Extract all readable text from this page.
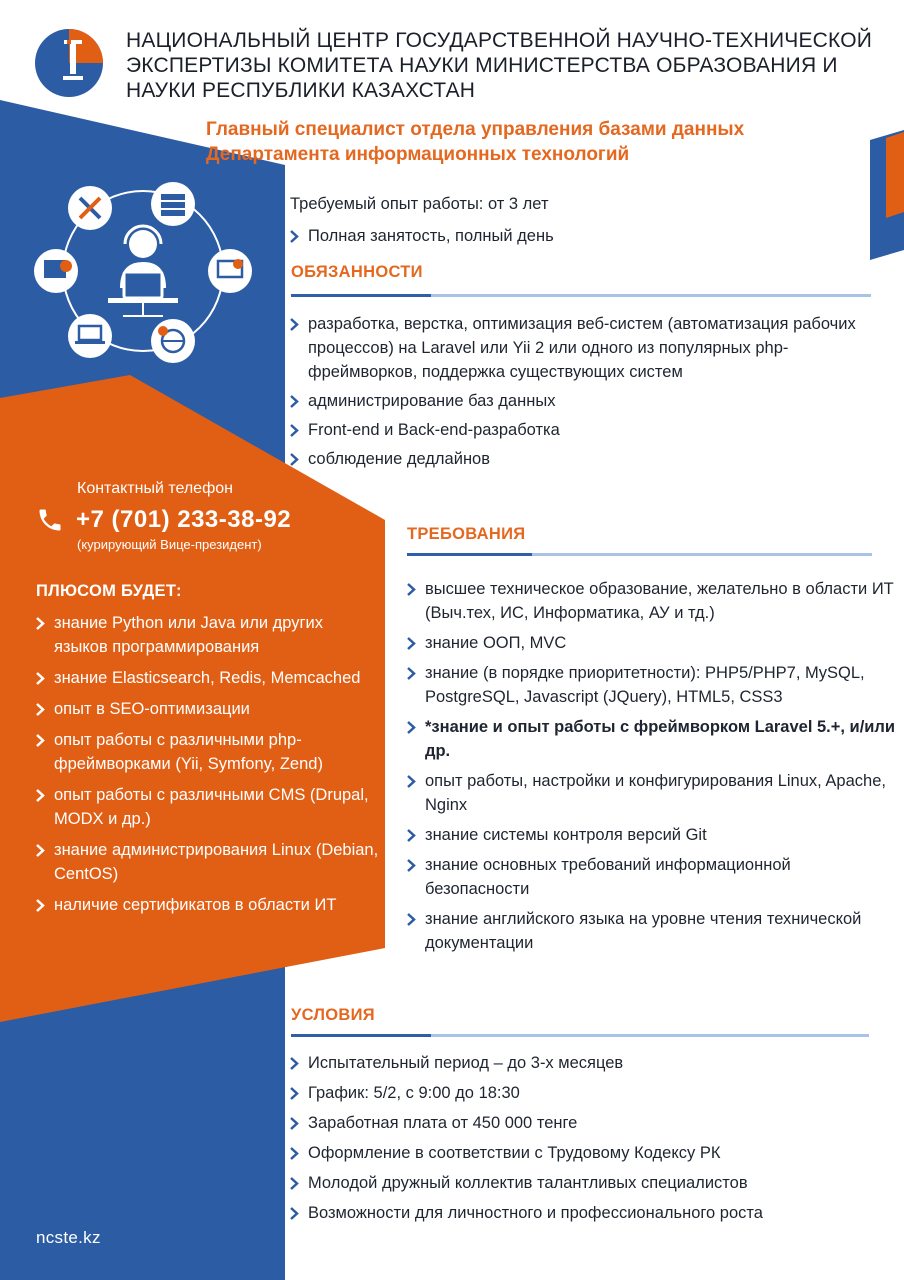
НАЦИОНАЛЬНЫЙ ЦЕНТР ГОСУДАРСТВЕННОЙ НАУЧНО-ТЕХНИЧЕСКОЙ ЭКСПЕРТИЗЫ КОМИТЕТА НАУКИ МИНИСТЕРСТВА ОБРАЗОВАНИЯ И НАУКИ РЕСПУБЛИКИ КАЗАХСТАН
Главный специалист отдела управления базами данных
Департамента информационных технологий
Требуемый опыт работы: от 3 лет
Полная занятость, полный день
ОБЯЗАННОСТИ
разработка, верстка, оптимизация веб-систем (автоматизация рабочих процессов) на Laravel или Yii 2 или одного из популярных php-фреймворков, поддержка существующих систем
администрирование баз данных
Front-end и Back-end-разработка
соблюдение дедлайнов
Контактный телефон
+7 (701) 233-38-92
(курирующий Вице-президент)
ПЛЮСОМ БУДЕТ:
знание Python или Java или других языков программирования
знание Elasticsearch, Redis, Memcached
опыт в SEO-оптимизации
опыт работы с различными php-фреймворками (Yii, Symfony, Zend)
опыт работы с различными CMS (Drupal, MODX и др.)
знание администрирования Linux (Debian, CentOS)
наличие сертификатов в области ИТ
ТРЕБОВАНИЯ
высшее техническое образование, желательно в области ИТ (Выч.тех, ИС, Информатика, АУ и тд.)
знание ООП, MVC
знание (в порядке приоритетности): PHP5/PHP7, MySQL, PostgreSQL, Javascript (JQuery), HTML5, CSS3
*знание и опыт работы с фреймворком Laravel 5.+, и/или др.
опыт работы, настройки и конфигурирования Linux, Apache, Nginx
знание системы контроля версий Git
знание основных требований информационной безопасности
знание английского языка на уровне чтения технической документации
УСЛОВИЯ
Испытательный период – до 3-х месяцев
График: 5/2, с 9:00 до 18:30
Заработная плата от 450 000 тенге
Оформление в соответствии с Трудовому Кодексу РК
Молодой дружный коллектив талантливых специалистов
Возможности для личностного и профессионального роста
ncste.kz
